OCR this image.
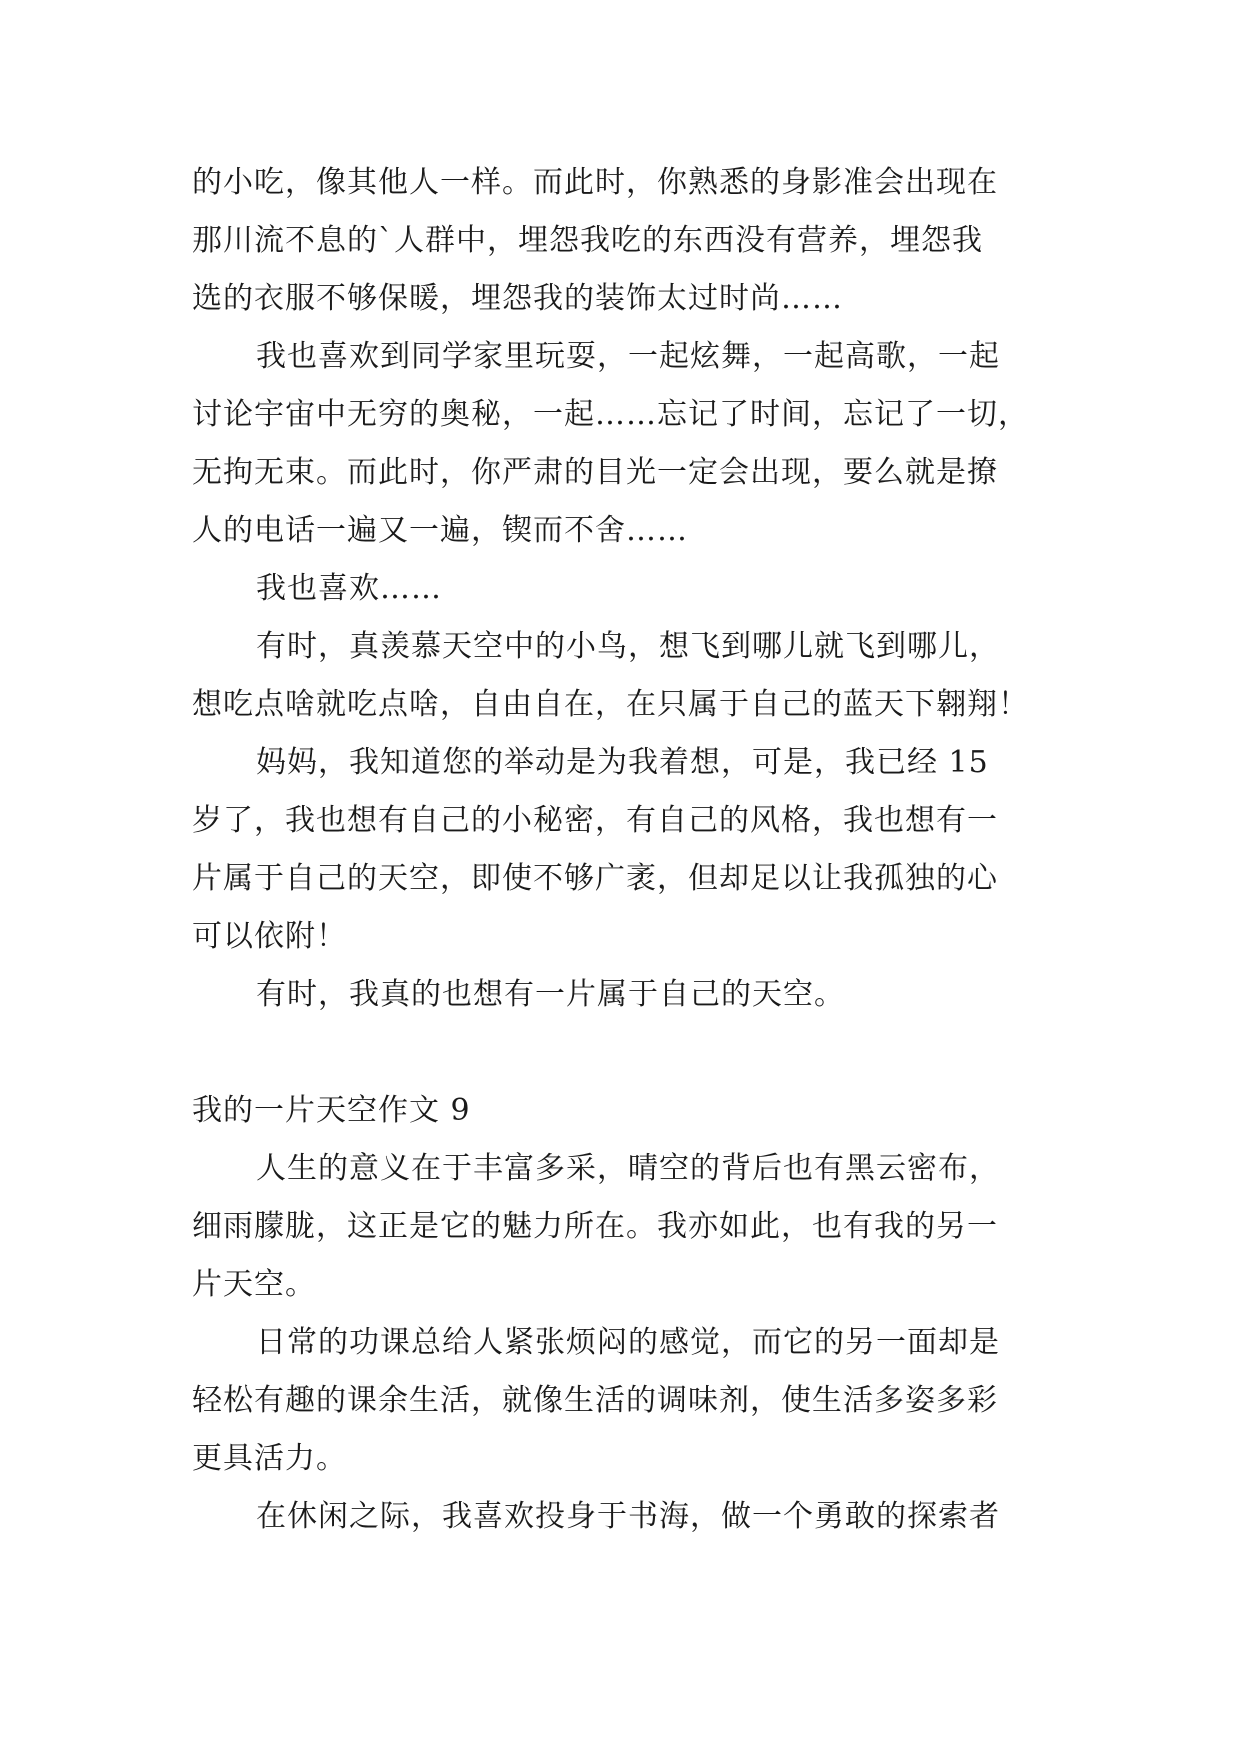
的小吃，像其他人一样。而此时，你熟悉的身影准会出现在
那川流不息的`人群中，埋怨我吃的东西没有营养，埋怨我
选的衣服不够保暖，埋怨我的装饰太过时尚……
我也喜欢到同学家里玩耍，一起炫舞，一起高歌，一起
讨论宇宙中无穷的奥秘，一起……忘记了时间，忘记了一切，
无拘无束。而此时，你严肃的目光一定会出现，要么就是撩
人的电话一遍又一遍，锲而不舍……
我也喜欢……
有时，真羡慕天空中的小鸟，想飞到哪儿就飞到哪儿，
想吃点啥就吃点啥，自由自在，在只属于自己的蓝天下翱翔！
妈妈，我知道您的举动是为我着想，可是，我已经 15
岁了，我也想有自己的小秘密，有自己的风格，我也想有一
片属于自己的天空，即使不够广袤，但却足以让我孤独的心
可以依附！
有时，我真的也想有一片属于自己的天空。
我的一片天空作文 9
人生的意义在于丰富多采，晴空的背后也有黑云密布，
细雨朦胧，这正是它的魅力所在。我亦如此，也有我的另一
片天空。
日常的功课总给人紧张烦闷的感觉，而它的另一面却是
轻松有趣的课余生活，就像生活的调味剂，使生活多姿多彩
更具活力。
在休闲之际，我喜欢投身于书海，做一个勇敢的探索者
